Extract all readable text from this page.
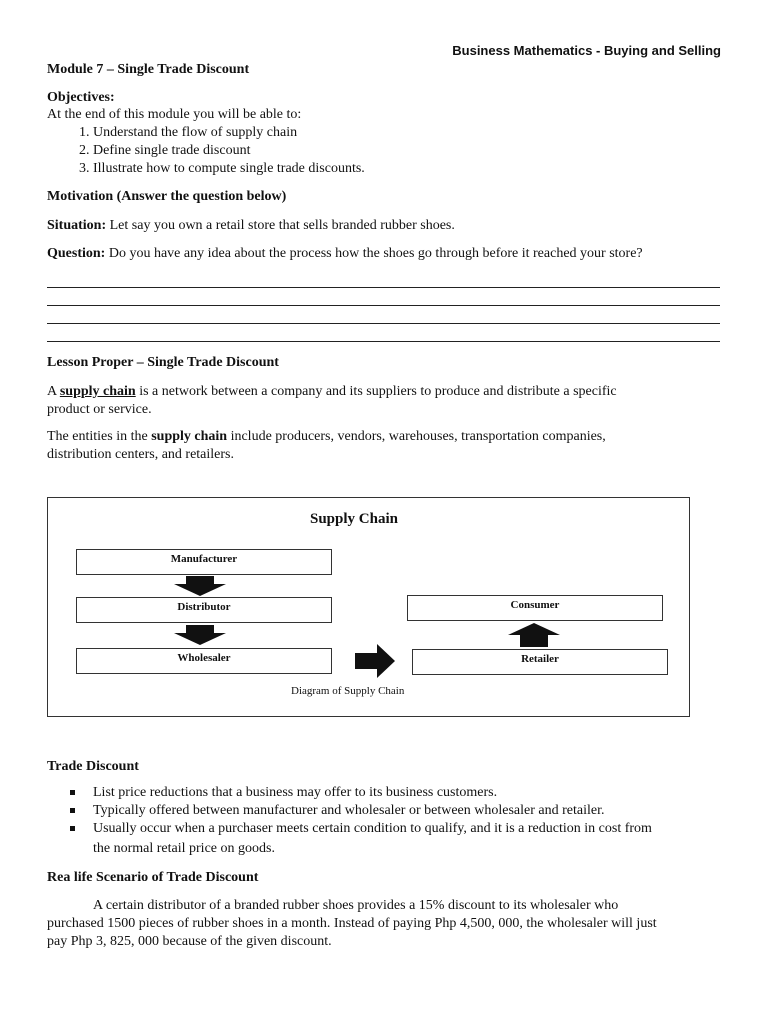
Business Mathematics - Buying and Selling
Module 7 – Single Trade Discount
Objectives:
At the end of this module you will be able to:
1. Understand the flow of supply chain
2. Define single trade discount
3. Illustrate how to compute single trade discounts.
Motivation (Answer the question below)
Situation: Let say you own a retail store that sells branded rubber shoes.
Question: Do you have any idea about the process how the shoes go through before it reached your store?
Lesson Proper – Single Trade Discount
A supply chain is a network between a company and its suppliers to produce and distribute a specific
product or service.
The entities in the supply chain include producers, vendors, warehouses, transportation companies,
distribution centers, and retailers.
Supply Chain
Manufacturer
Distributor
Wholesaler
Consumer
Retailer
Diagram of Supply Chain
Trade Discount
List price reductions that a business may offer to its business customers.
Typically offered between manufacturer and wholesaler or between wholesaler and retailer.
Usually occur when a purchaser meets certain condition to qualify, and it is a reduction in cost from
the normal retail price on goods.
Rea life Scenario of Trade Discount
A certain distributor of a branded rubber shoes provides a 15% discount to its wholesaler who
purchased 1500 pieces of rubber shoes in a month. Instead of paying Php 4,500, 000, the wholesaler will just
pay Php 3, 825, 000 because of the given discount.
